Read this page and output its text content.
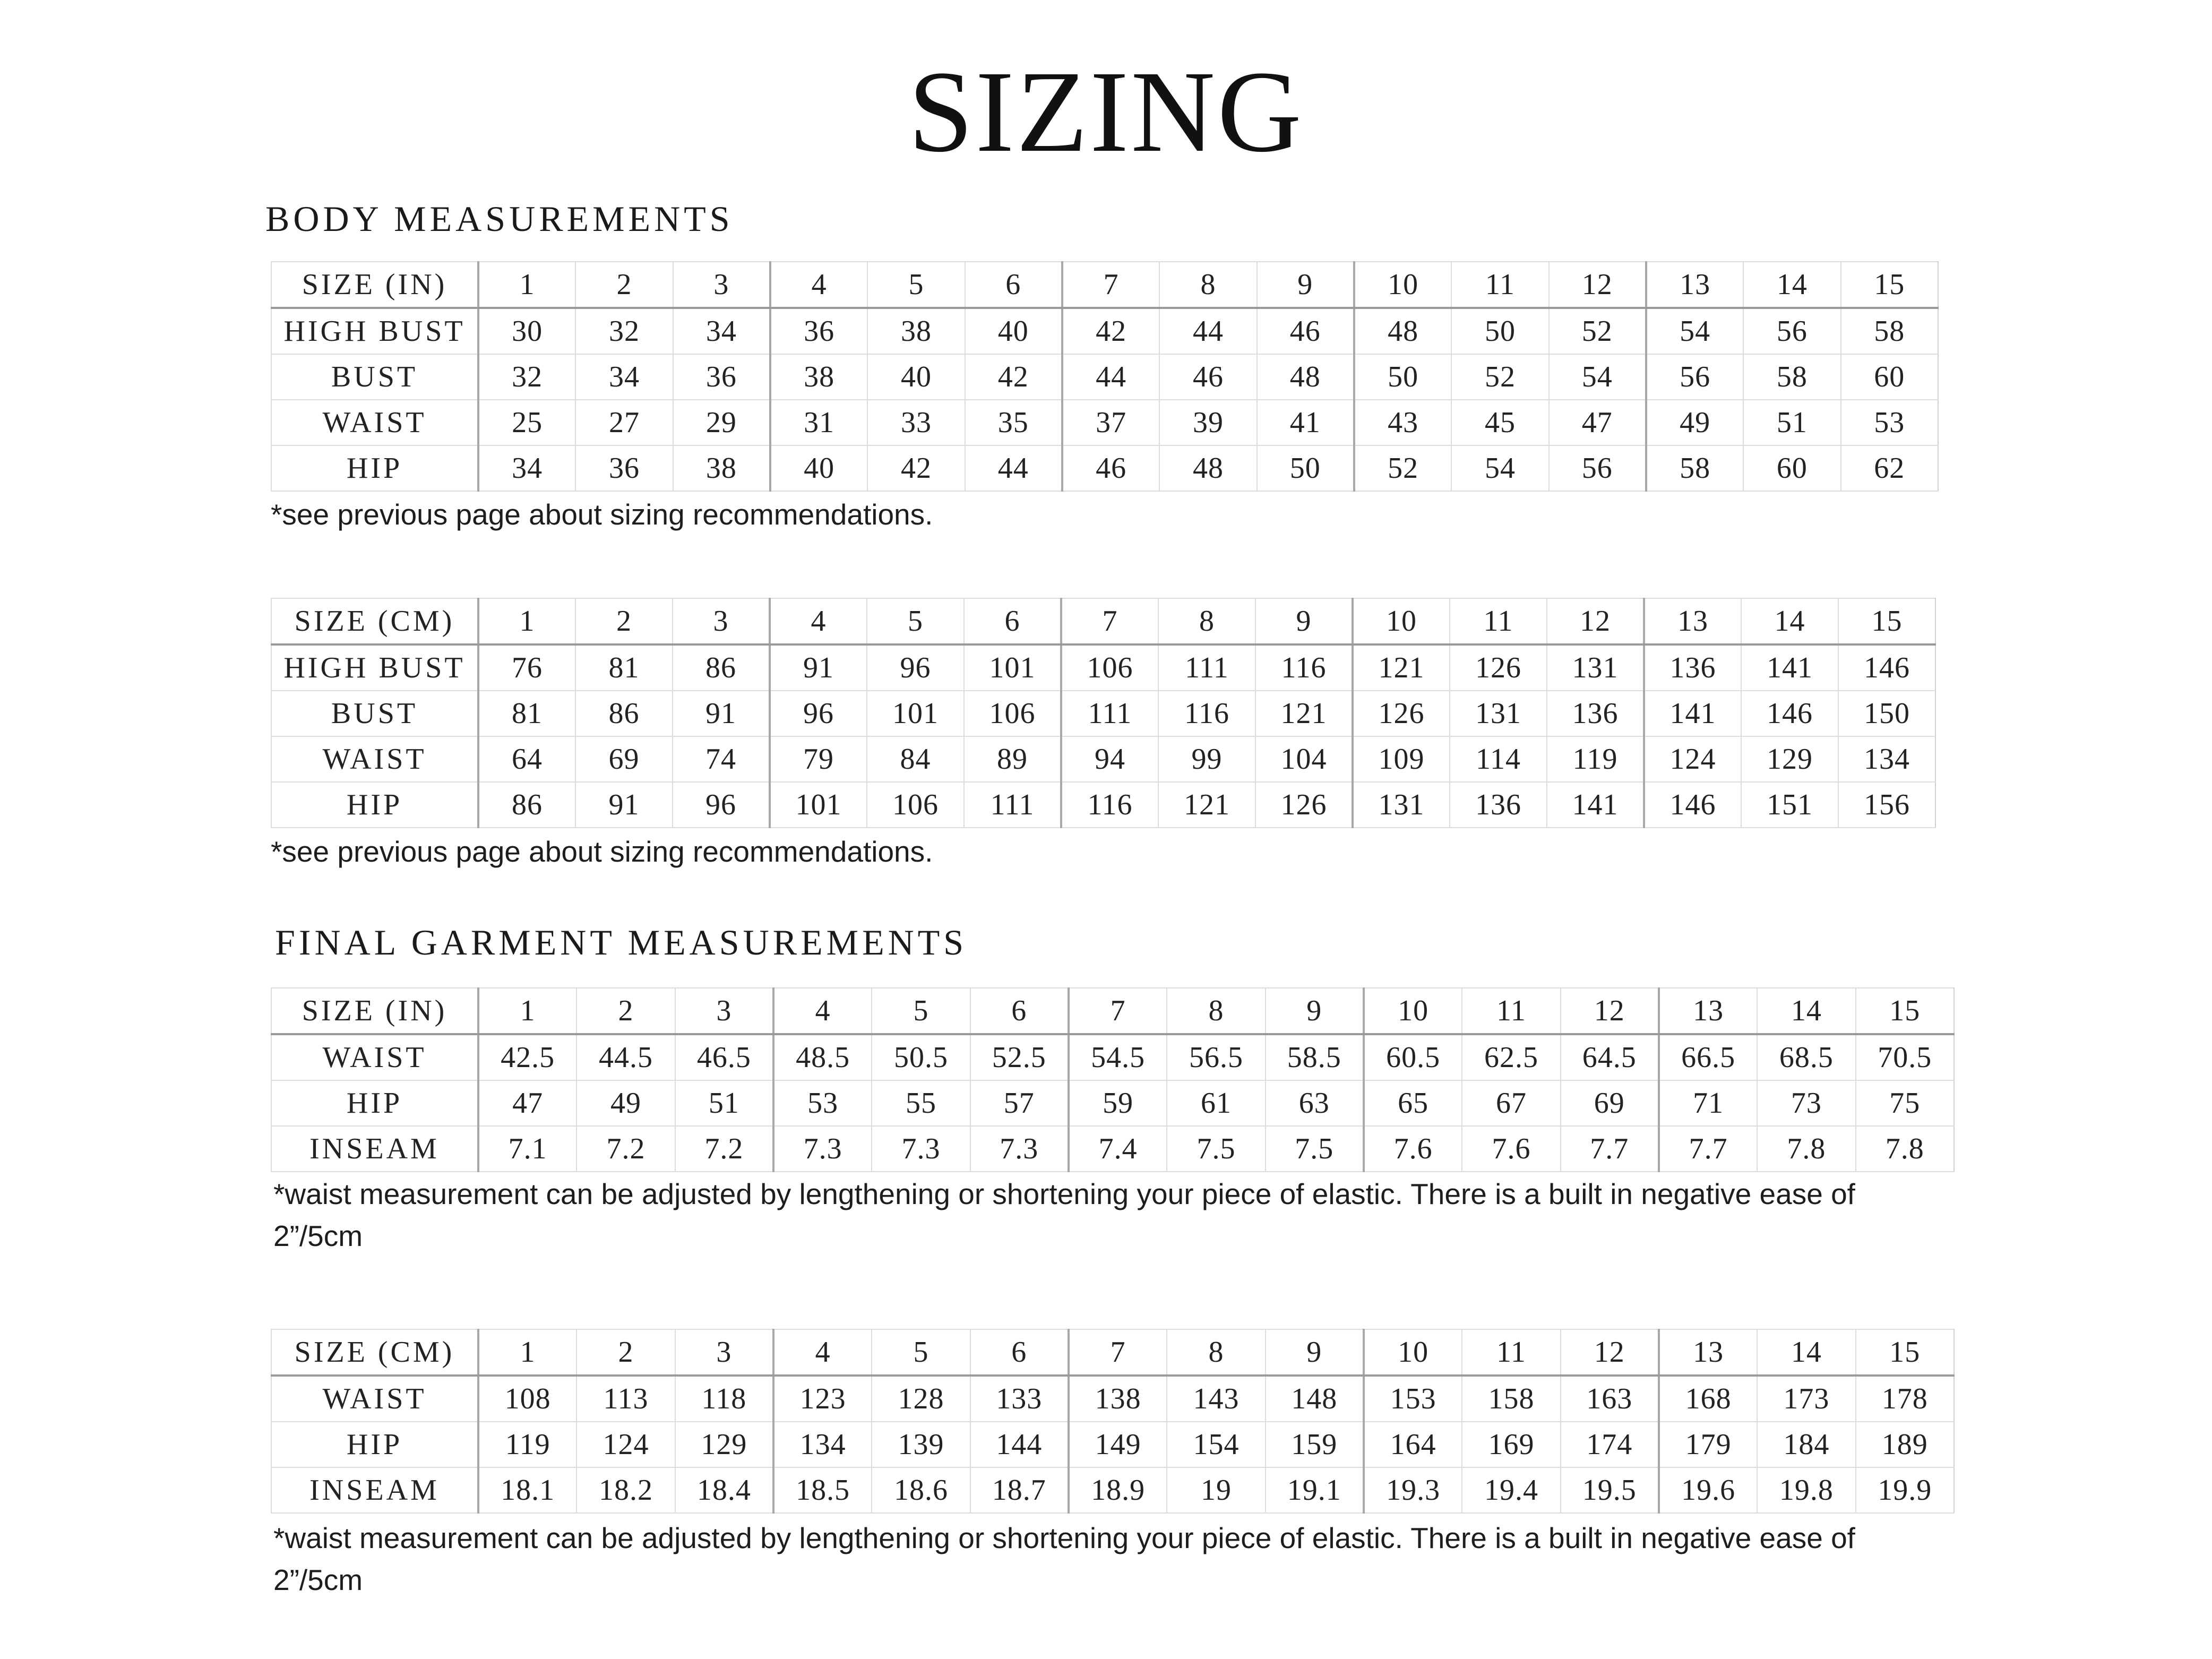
SIZING
BODY MEASUREMENTS
SIZE (IN)	1	2	3	4	5	6	7	8	9	10	11	12	13	14	15
HIGH BUST	30	32	34	36	38	40	42	44	46	48	50	52	54	56	58
BUST	32	34	36	38	40	42	44	46	48	50	52	54	56	58	60
WAIST	25	27	29	31	33	35	37	39	41	43	45	47	49	51	53
HIP	34	36	38	40	42	44	46	48	50	52	54	56	58	60	62
*see previous page about sizing recommendations.
SIZE (CM)	1	2	3	4	5	6	7	8	9	10	11	12	13	14	15
HIGH BUST	76	81	86	91	96	101	106	111	116	121	126	131	136	141	146
BUST	81	86	91	96	101	106	111	116	121	126	131	136	141	146	150
WAIST	64	69	74	79	84	89	94	99	104	109	114	119	124	129	134
HIP	86	91	96	101	106	111	116	121	126	131	136	141	146	151	156
*see previous page about sizing recommendations.
FINAL GARMENT MEASUREMENTS
SIZE (IN)	1	2	3	4	5	6	7	8	9	10	11	12	13	14	15
WAIST	42.5	44.5	46.5	48.5	50.5	52.5	54.5	56.5	58.5	60.5	62.5	64.5	66.5	68.5	70.5
HIP	47	49	51	53	55	57	59	61	63	65	67	69	71	73	75
INSEAM	7.1	7.2	7.2	7.3	7.3	7.3	7.4	7.5	7.5	7.6	7.6	7.7	7.7	7.8	7.8
*waist measurement can be adjusted by lengthening or shortening your piece of elastic. There is a built in negative ease of
2”/5cm
SIZE (CM)	1	2	3	4	5	6	7	8	9	10	11	12	13	14	15
WAIST	108	113	118	123	128	133	138	143	148	153	158	163	168	173	178
HIP	119	124	129	134	139	144	149	154	159	164	169	174	179	184	189
INSEAM	18.1	18.2	18.4	18.5	18.6	18.7	18.9	19	19.1	19.3	19.4	19.5	19.6	19.8	19.9
*waist measurement can be adjusted by lengthening or shortening your piece of elastic. There is a built in negative ease of
2”/5cm
